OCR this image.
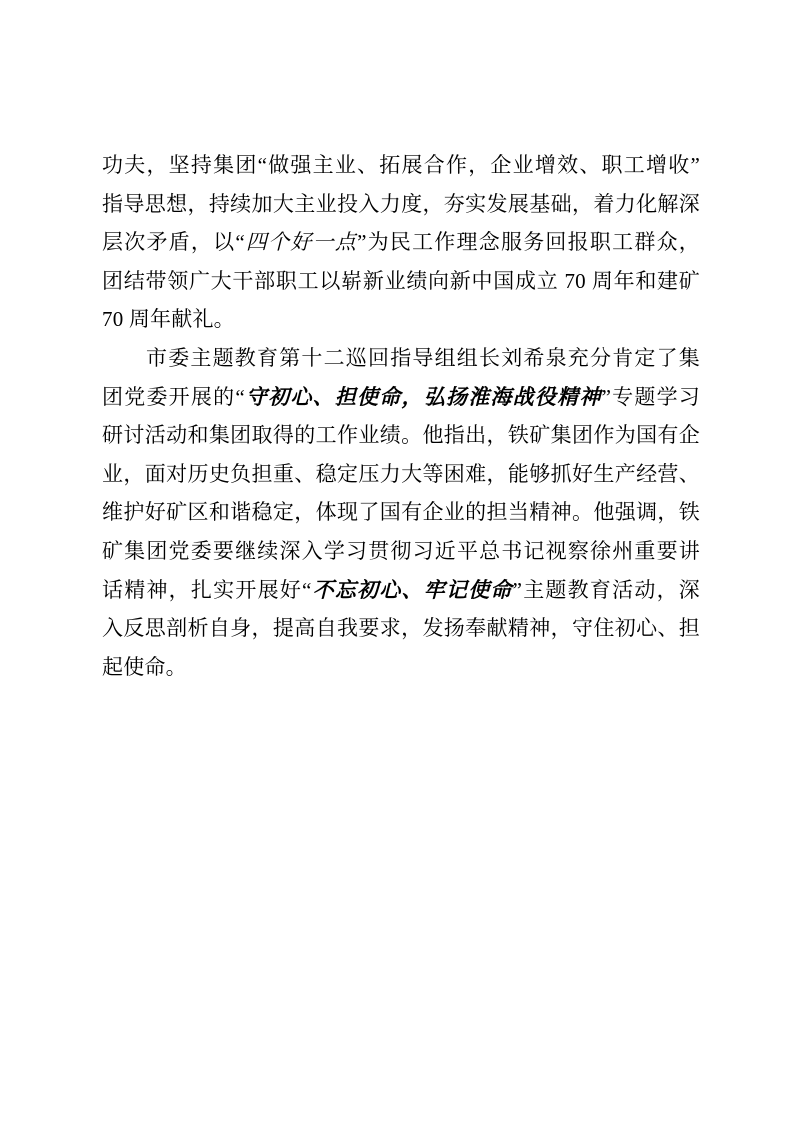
功夫，坚持集团“做强主业、拓展合作，企业增效、职工增收”
指导思想，持续加大主业投入力度，夯实发展基础，着力化解深
层次矛盾，以“四个好一点”为民工作理念服务回报职工群众，
团结带领广大干部职工以崭新业绩向新中国成立 70 周年和建矿
70 周年献礼。
市委主题教育第十二巡回指导组组长刘希泉充分肯定了集
团党委开展的“守初心、担使命，弘扬淮海战役精神”专题学习
研讨活动和集团取得的工作业绩。他指出，铁矿集团作为国有企
业，面对历史负担重、稳定压力大等困难，能够抓好生产经营、
维护好矿区和谐稳定，体现了国有企业的担当精神。他强调，铁
矿集团党委要继续深入学习贯彻习近平总书记视察徐州重要讲
话精神，扎实开展好“不忘初心、牢记使命”主题教育活动，深
入反思剖析自身，提高自我要求，发扬奉献精神，守住初心、担
起使命。
